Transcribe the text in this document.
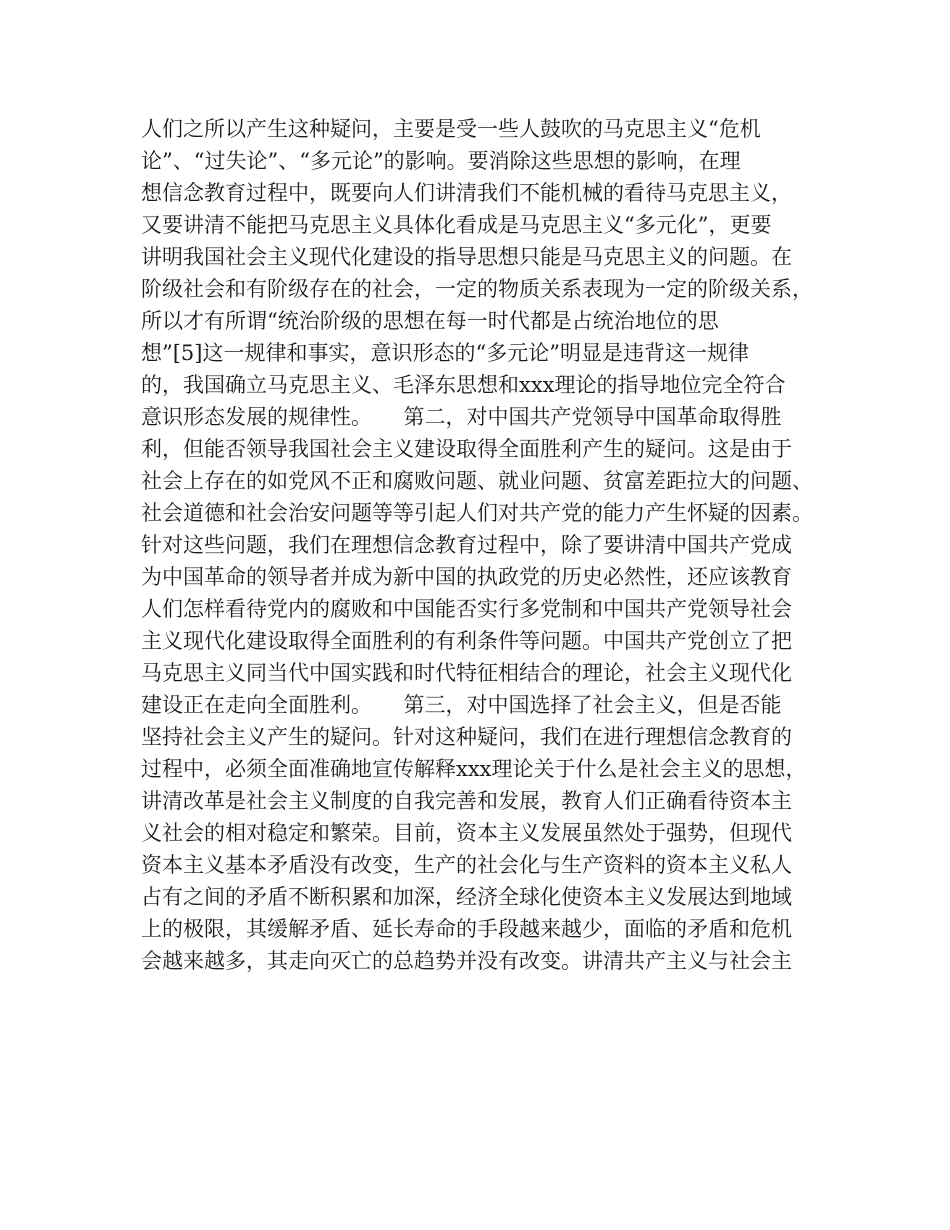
人们之所以产生这种疑问，主要是受一些人鼓吹的马克思主义“危机
论”、“过失论”、“多元论”的影响。要消除这些思想的影响，在理
想信念教育过程中，既要向人们讲清我们不能机械的看待马克思主义，
又要讲清不能把马克思主义具体化看成是马克思主义“多元化”，更要
讲明我国社会主义现代化建设的指导思想只能是马克思主义的问题。在
阶级社会和有阶级存在的社会，一定的物质关系表现为一定的阶级关系，
所以才有所谓“统治阶级的思想在每一时代都是占统治地位的思
想”[5]这一规律和事实，意识形态的“多元论”明显是违背这一规律
的，我国确立马克思主义、毛泽东思想和xxx理论的指导地位完全符合
意识形态发展的规律性。　　第二，对中国共产党领导中国革命取得胜
利，但能否领导我国社会主义建设取得全面胜利产生的疑问。这是由于
社会上存在的如党风不正和腐败问题、就业问题、贫富差距拉大的问题、
社会道德和社会治安问题等等引起人们对共产党的能力产生怀疑的因素。
针对这些问题，我们在理想信念教育过程中，除了要讲清中国共产党成
为中国革命的领导者并成为新中国的执政党的历史必然性，还应该教育
人们怎样看待党内的腐败和中国能否实行多党制和中国共产党领导社会
主义现代化建设取得全面胜利的有利条件等问题。中国共产党创立了把
马克思主义同当代中国实践和时代特征相结合的理论，社会主义现代化
建设正在走向全面胜利。　　第三，对中国选择了社会主义，但是否能
坚持社会主义产生的疑问。针对这种疑问，我们在进行理想信念教育的
过程中，必须全面准确地宣传解释xxx理论关于什么是社会主义的思想，
讲清改革是社会主义制度的自我完善和发展，教育人们正确看待资本主
义社会的相对稳定和繁荣。目前，资本主义发展虽然处于强势，但现代
资本主义基本矛盾没有改变，生产的社会化与生产资料的资本主义私人
占有之间的矛盾不断积累和加深，经济全球化使资本主义发展达到地域
上的极限，其缓解矛盾、延长寿命的手段越来越少，面临的矛盾和危机
会越来越多，其走向灭亡的总趋势并没有改变。讲清共产主义与社会主
